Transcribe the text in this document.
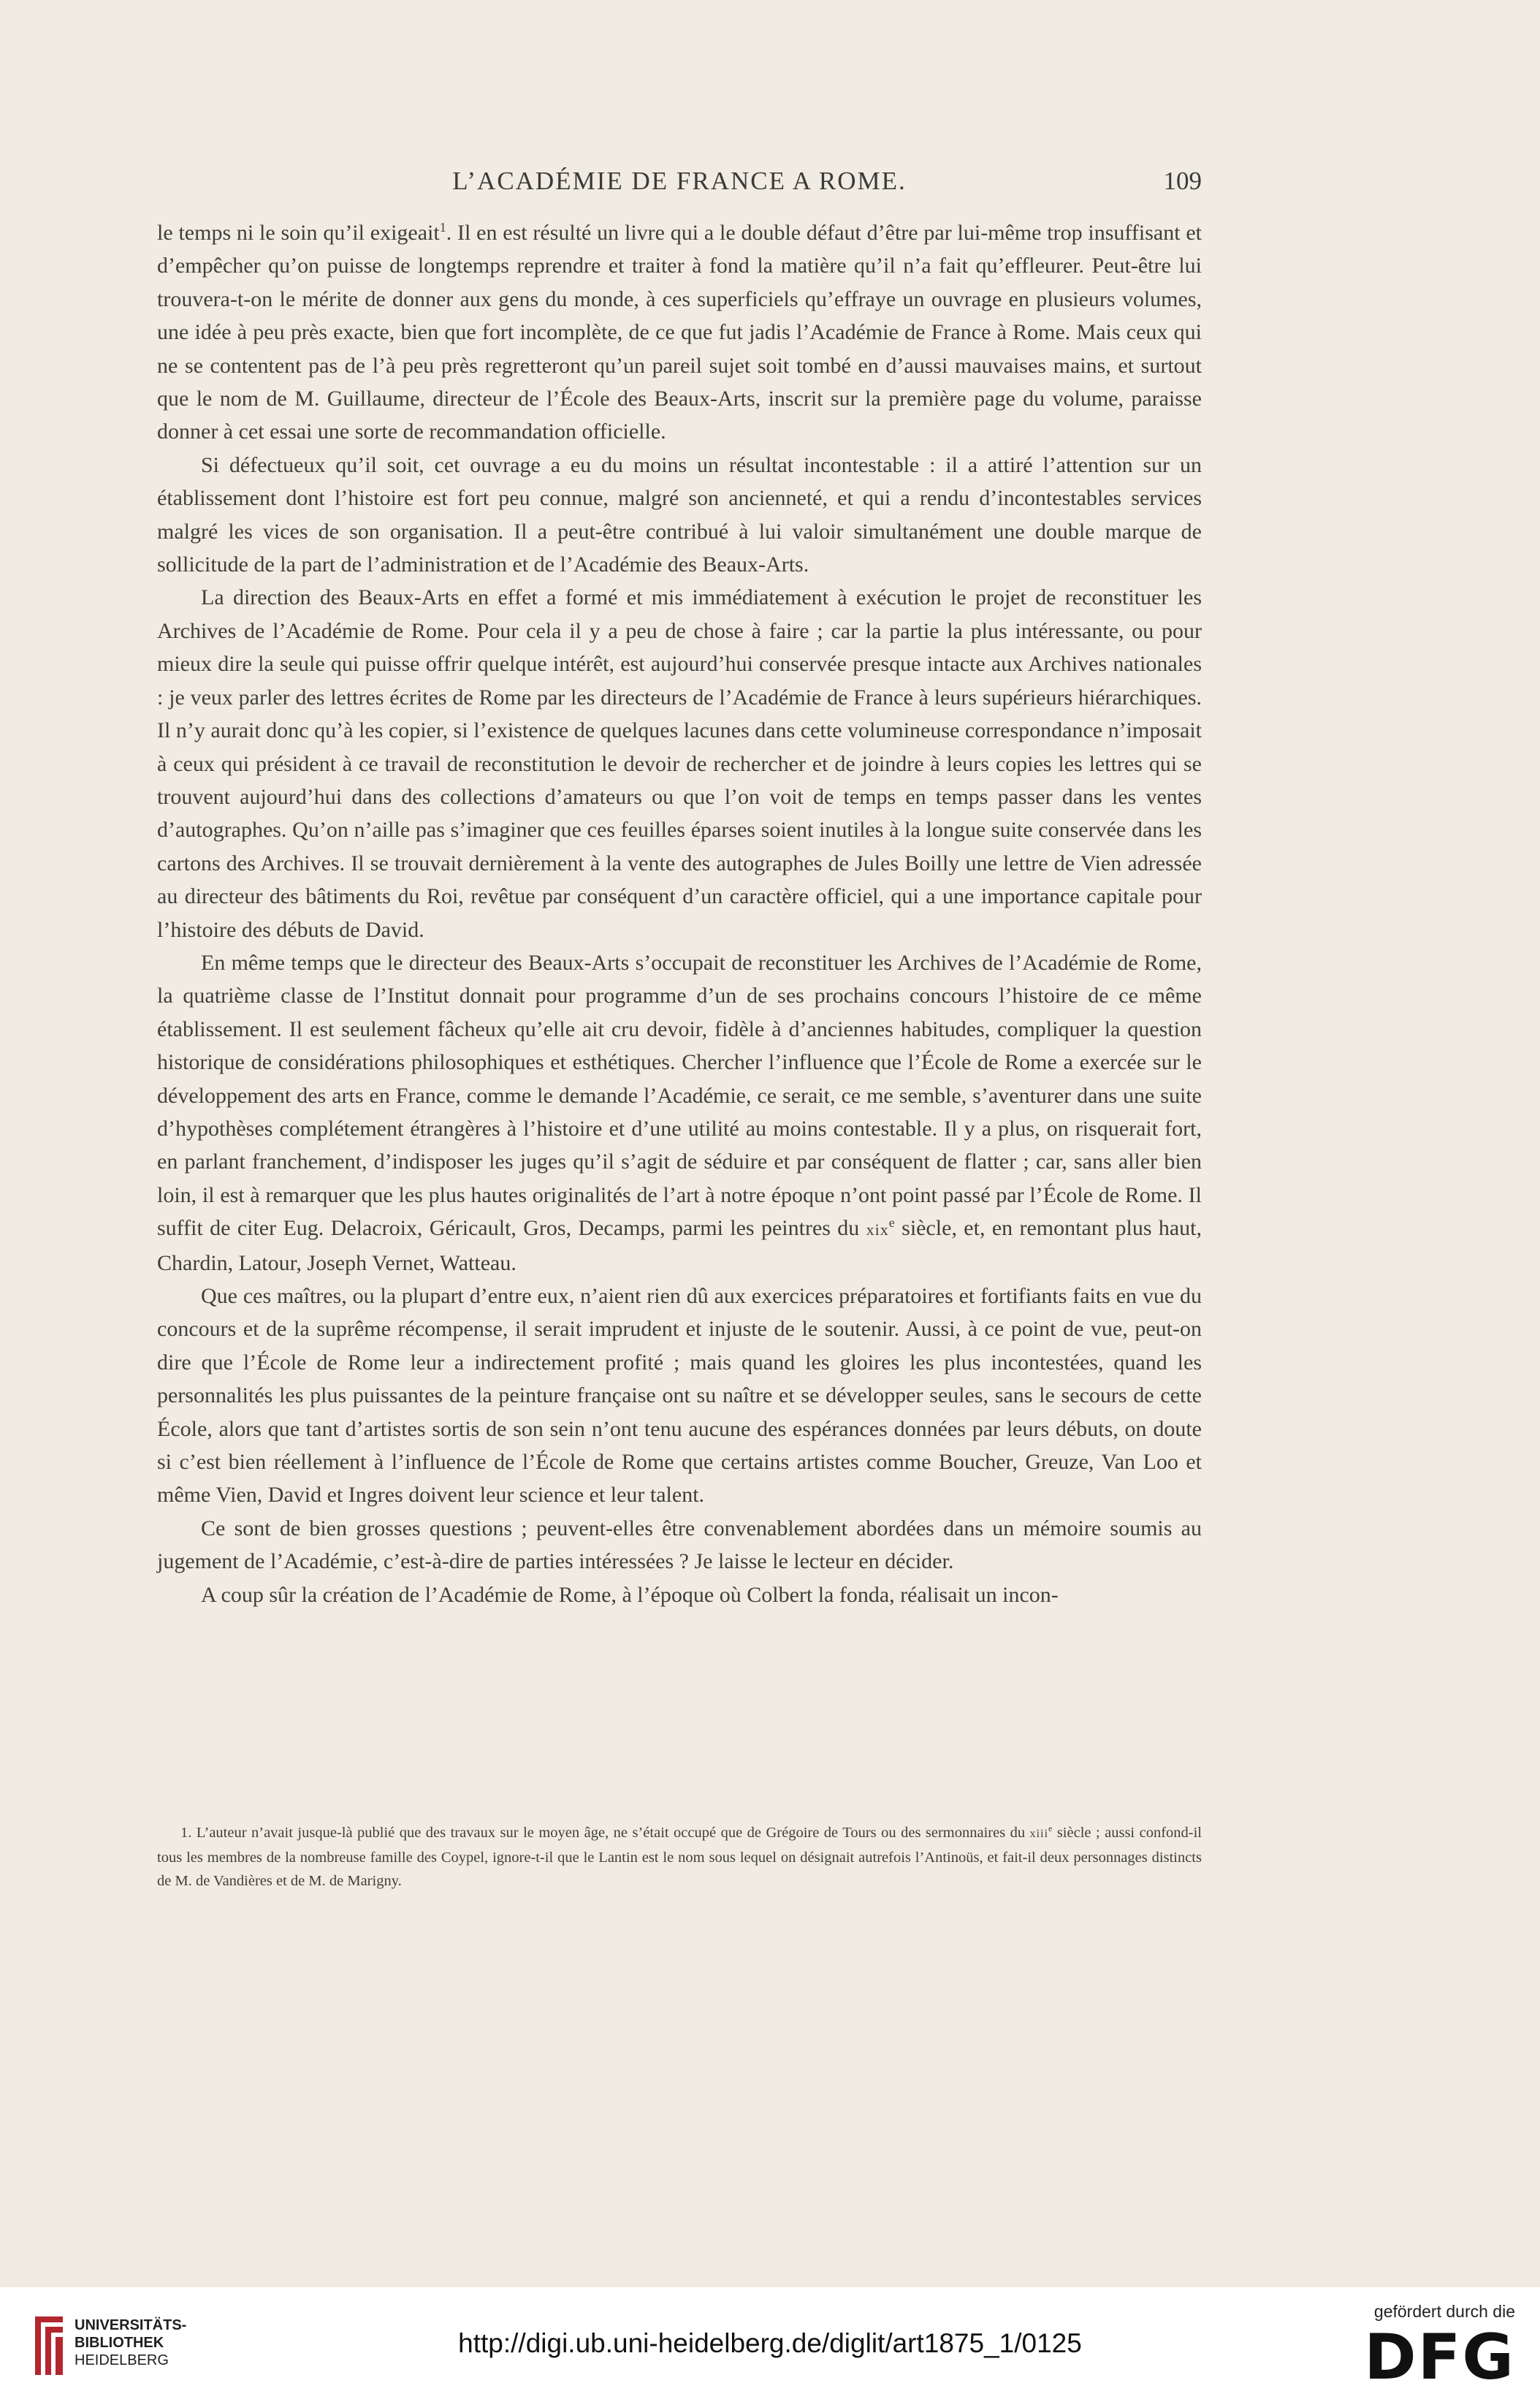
L’ACADÉMIE DE FRANCE A ROME.	109

le temps ni le soin qu’il exigeait$^1$. Il en est résulté un livre qui a le double défaut d’être par lui-même trop insuffisant et d’empêcher qu’on puisse de longtemps reprendre et traiter à fond la matière qu’il n’a fait qu’effleurer. Peut-être lui trouvera-t-on le mérite de donner aux gens du monde, à ces superficiels qu’effraye un ouvrage en plusieurs volumes, une idée à peu près exacte, bien que fort incomplète, de ce que fut jadis l’Académie de France à Rome. Mais ceux qui ne se contentent pas de l’à peu près regretteront qu’un pareil sujet soit tombé en d’aussi mauvaises mains, et surtout que le nom de M. Guillaume, directeur de l’École des Beaux-Arts, inscrit sur la première page du volume, paraisse donner à cet essai une sorte de recommandation officielle.

Si défectueux qu’il soit, cet ouvrage a eu du moins un résultat incontestable : il a attiré l’attention sur un établissement dont l’histoire est fort peu connue, malgré son ancienneté, et qui a rendu d’incontestables services malgré les vices de son organisation. Il a peut-être contribué à lui valoir simultanément une double marque de sollicitude de la part de l’administration et de l’Académie des Beaux-Arts.

La direction des Beaux-Arts en effet a formé et mis immédiatement à exécution le projet de reconstituer les Archives de l’Académie de Rome. Pour cela il y a peu de chose à faire ; car la partie la plus intéressante, ou pour mieux dire la seule qui puisse offrir quelque intérêt, est aujourd’hui conservée presque intacte aux Archives nationales : je veux parler des lettres écrites de Rome par les directeurs de l’Académie de France à leurs supérieurs hiérarchiques. Il n’y aurait donc qu’à les copier, si l’existence de quelques lacunes dans cette volumineuse correspondance n’imposait à ceux qui président à ce travail de reconstitution le devoir de rechercher et de joindre à leurs copies les lettres qui se trouvent aujourd’hui dans des collections d’amateurs ou que l’on voit de temps en temps passer dans les ventes d’autographes. Qu’on n’aille pas s’imaginer que ces feuilles éparses soient inutiles à la longue suite conservée dans les cartons des Archives. Il se trouvait dernièrement à la vente des autographes de Jules Boilly une lettre de Vien adressée au directeur des bâtiments du Roi, revêtue par conséquent d’un caractère officiel, qui a une importance capitale pour l’histoire des débuts de David.

En même temps que le directeur des Beaux-Arts s’occupait de reconstituer les Archives de l’Académie de Rome, la quatrième classe de l’Institut donnait pour programme d’un de ses prochains concours l’histoire de ce même établissement. Il est seulement fâcheux qu’elle ait cru devoir, fidèle à d’anciennes habitudes, compliquer la question historique de considérations philosophiques et esthétiques. Chercher l’influence que l’École de Rome a exercée sur le développement des arts en France, comme le demande l’Académie, ce serait, ce me semble, s’aventurer dans une suite d’hypothèses complétement étrangères à l’histoire et d’une utilité au moins contestable. Il y a plus, on risquerait fort, en parlant franchement, d’indisposer les juges qu’il s’agit de séduire et par conséquent de flatter ; car, sans aller bien loin, il est à remarquer que les plus hautes originalités de l’art à notre époque n’ont point passé par l’École de Rome. Il suffit de citer Eug. Delacroix, Géricault, Gros, Decamps, parmi les peintres du xix$^e$ siècle, et, en remontant plus haut, Chardin, Latour, Joseph Vernet, Watteau.

Que ces maîtres, ou la plupart d’entre eux, n’aient rien dû aux exercices préparatoires et fortifiants faits en vue du concours et de la suprême récompense, il serait imprudent et injuste de le soutenir. Aussi, à ce point de vue, peut-on dire que l’École de Rome leur a indirectement profité ; mais quand les gloires les plus incontestées, quand les personnalités les plus puissantes de la peinture française ont su naître et se développer seules, sans le secours de cette École, alors que tant d’artistes sortis de son sein n’ont tenu aucune des espérances données par leurs débuts, on doute si c’est bien réellement à l’influence de l’École de Rome que certains artistes comme Boucher, Greuze, Van Loo et même Vien, David et Ingres doivent leur science et leur talent.

Ce sont de bien grosses questions ; peuvent-elles être convenablement abordées dans un mémoire soumis au jugement de l’Académie, c’est-à-dire de parties intéressées ? Je laisse le lecteur en décider.

A coup sûr la création de l’Académie de Rome, à l’époque où Colbert la fonda, réalisait un incon-

1. L’auteur n’avait jusque-là publié que des travaux sur le moyen âge, ne s’était occupé que de Grégoire de Tours ou des sermonnaires du xiii$^e$ siècle ; aussi confond-il tous les membres de la nombreuse famille des Coypel, ignore-t-il que le Lantin est le nom sous lequel on désignait autrefois l’Antinoüs, et fait-il deux personnages distincts de M. de Vandières et de M. de Marigny.
UNIVERSITÄTS-
BIBLIOTHEK
HEIDELBERG
http://digi.ub.uni-heidelberg.de/diglit/art1875_1/0125
gefördert durch die
DFG
